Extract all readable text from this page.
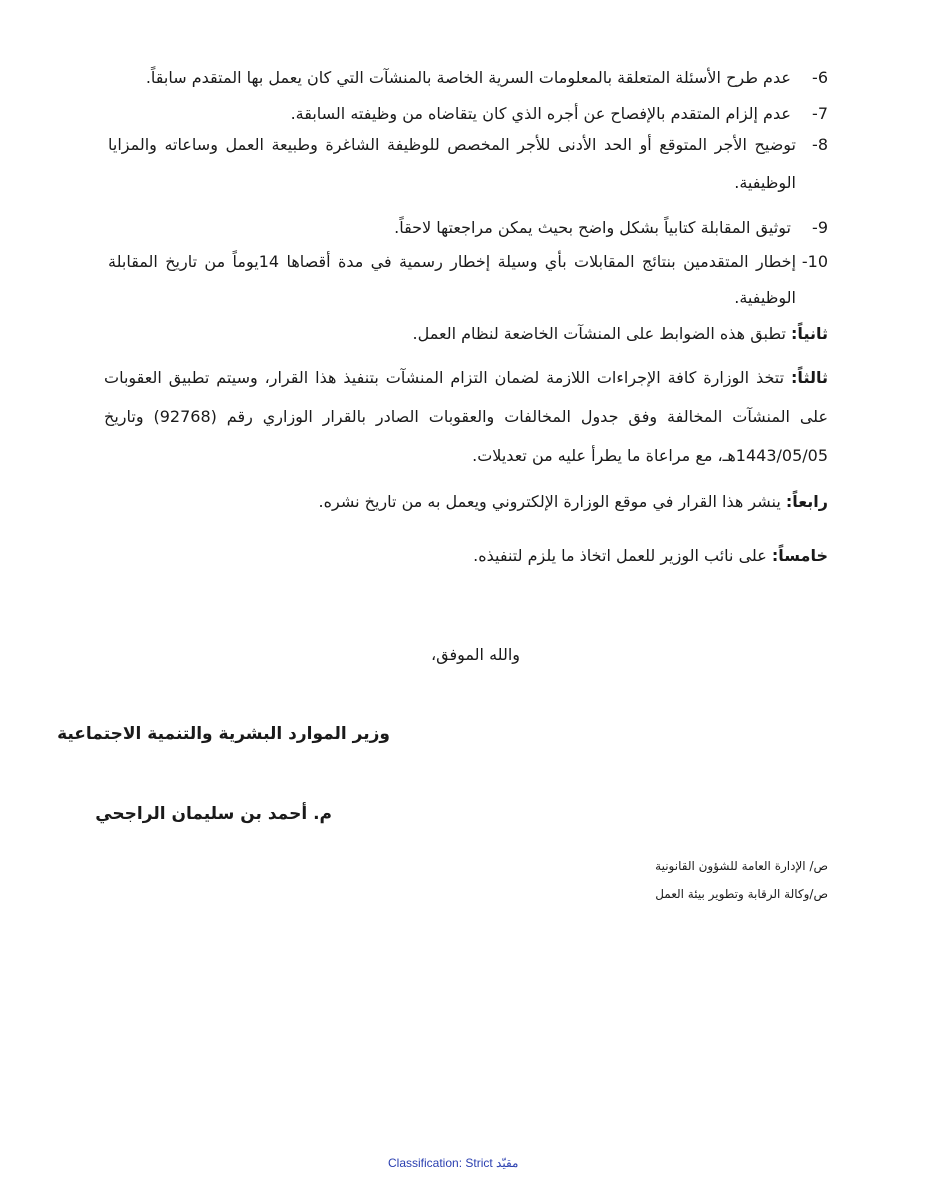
6- عدم طرح الأسئلة المتعلقة بالمعلومات السرية الخاصة بالمنشآت التي كان يعمل بها المتقدم سابقاً.
7- عدم إلزام المتقدم بالإفصاح عن أجره الذي كان يتقاضاه من وظيفته السابقة.
8-
توضيح الأجر المتوقع أو الحد الأدنى للأجر المخصص للوظيفة الشاغرة وطبيعة العمل وساعاته والمزايا الوظيفية.
9- توثيق المقابلة كتابياً بشكل واضح بحيث يمكن مراجعتها لاحقاً.
10-
إخطار المتقدمين بنتائج المقابلات بأي وسيلة إخطار رسمية في مدة أقصاها 14يوماً من تاريخ المقابلة الوظيفية.
ثانياً: تطبق هذه الضوابط على المنشآت الخاضعة لنظام العمل.
ثالثاً: تتخذ الوزارة كافة الإجراءات اللازمة لضمان التزام المنشآت بتنفيذ هذا القرار، وسيتم تطبيق العقوبات على المنشآت المخالفة وفق جدول المخالفات والعقوبات الصادر بالقرار الوزاري رقم (92768) وتاريخ 1443/05/05هـ، مع مراعاة ما يطرأ عليه من تعديلات.
رابعاً: ينشر هذا القرار في موقع الوزارة الإلكتروني ويعمل به من تاريخ نشره.
خامساً: على نائب الوزير للعمل اتخاذ ما يلزم لتنفيذه.
والله الموفق،
وزير الموارد البشرية والتنمية الاجتماعية
م. أحمد بن سليمان الراجحي
ص/ الإدارة العامة للشؤون القانونية
ص/وكالة الرقابة وتطوير بيئة العمل
Classification: Strict مقيّد
